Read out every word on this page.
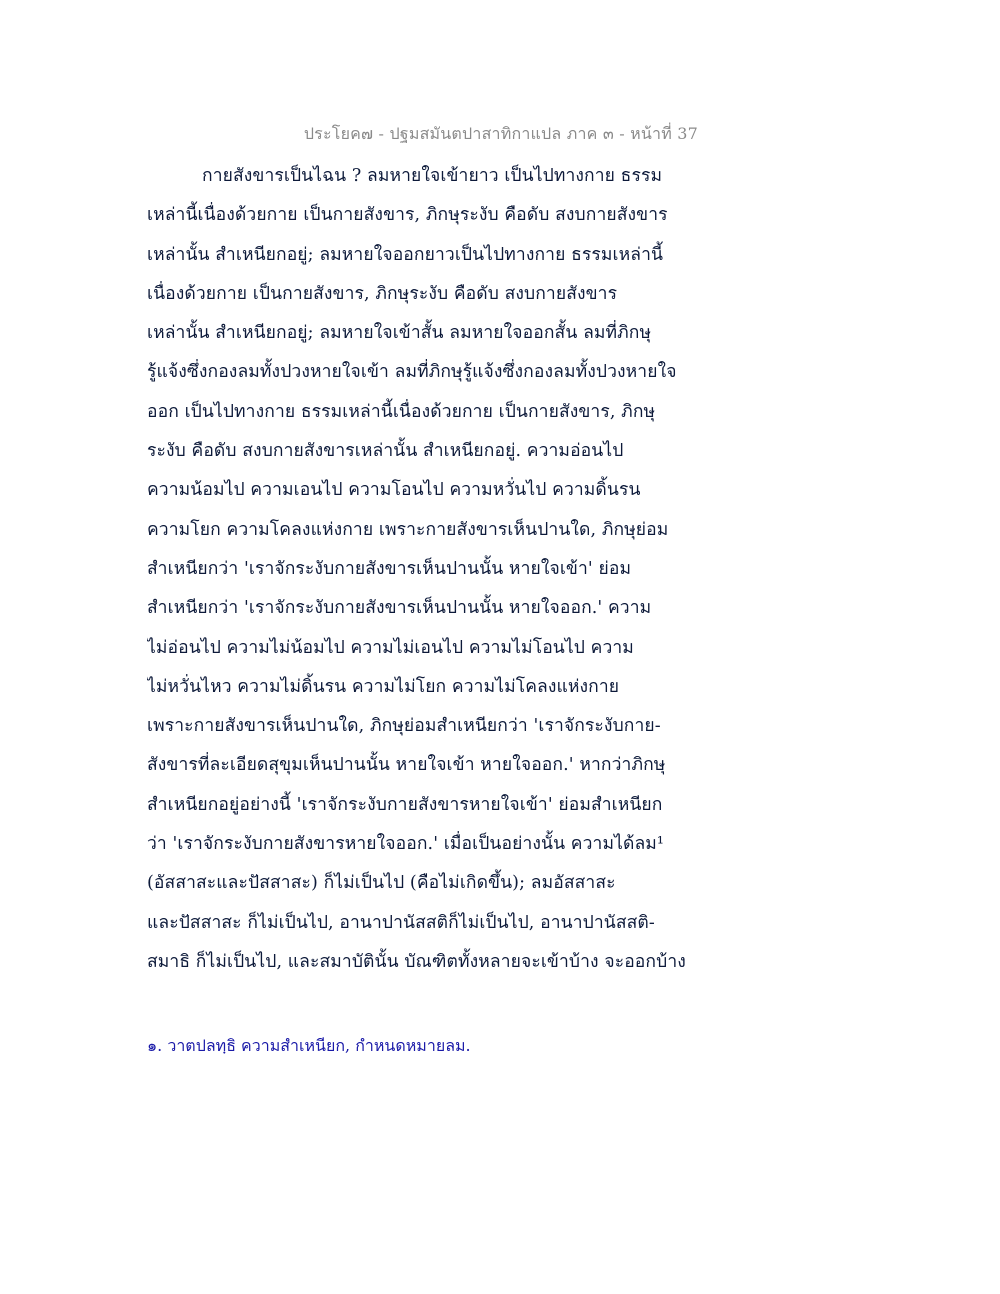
ประโยค๗ - ปฐมสมันตปาสาทิกาแปล ภาค ๓ - หน้าที่ 37
กายสังขารเป็นไฉน ? ลมหายใจเข้ายาว เป็นไปทางกาย ธรรม
เหล่านี้เนื่องด้วยกาย เป็นกายสังขาร, ภิกษุระงับ คือดับ สงบกายสังขาร
เหล่านั้น สำเหนียกอยู่; ลมหายใจออกยาวเป็นไปทางกาย ธรรมเหล่านี้
เนื่องด้วยกาย เป็นกายสังขาร, ภิกษุระงับ คือดับ สงบกายสังขาร
เหล่านั้น สำเหนียกอยู่; ลมหายใจเข้าสั้น ลมหายใจออกสั้น ลมที่ภิกษุ
รู้แจ้งซึ่งกองลมทั้งปวงหายใจเข้า ลมที่ภิกษุรู้แจ้งซึ่งกองลมทั้งปวงหายใจ
ออก เป็นไปทางกาย ธรรมเหล่านี้เนื่องด้วยกาย เป็นกายสังขาร, ภิกษุ
ระงับ คือดับ สงบกายสังขารเหล่านั้น สำเหนียกอยู่. ความอ่อนไป
ความน้อมไป ความเอนไป ความโอนไป ความหวั่นไป ความดิ้นรน
ความโยก ความโคลงแห่งกาย เพราะกายสังขารเห็นปานใด, ภิกษุย่อม
สำเหนียกว่า 'เราจักระงับกายสังขารเห็นปานนั้น หายใจเข้า' ย่อม
สำเหนียกว่า 'เราจักระงับกายสังขารเห็นปานนั้น หายใจออก.' ความ
ไม่อ่อนไป ความไม่น้อมไป ความไม่เอนไป ความไม่โอนไป ความ
ไม่หวั่นไหว ความไม่ดิ้นรน ความไม่โยก ความไม่โคลงแห่งกาย
เพราะกายสังขารเห็นปานใด, ภิกษุย่อมสำเหนียกว่า 'เราจักระงับกาย-
สังขารที่ละเอียดสุขุมเห็นปานนั้น หายใจเข้า หายใจออก.' หากว่าภิกษุ
สำเหนียกอยู่อย่างนี้ 'เราจักระงับกายสังขารหายใจเข้า' ย่อมสำเหนียก
ว่า 'เราจักระงับกายสังขารหายใจออก.' เมื่อเป็นอย่างนั้น ความได้ลม¹
(อัสสาสะและปัสสาสะ) ก็ไม่เป็นไป (คือไม่เกิดขึ้น); ลมอัสสาสะ
และปัสสาสะ ก็ไม่เป็นไป, อานาปานัสสติก็ไม่เป็นไป, อานาปานัสสติ-
สมาธิ ก็ไม่เป็นไป, และสมาบัตินั้น บัณฑิตทั้งหลายจะเข้าบ้าง จะออกบ้าง
๑. วาตปลทฺธิ ความสำเหนียก, กำหนดหมายลม.
